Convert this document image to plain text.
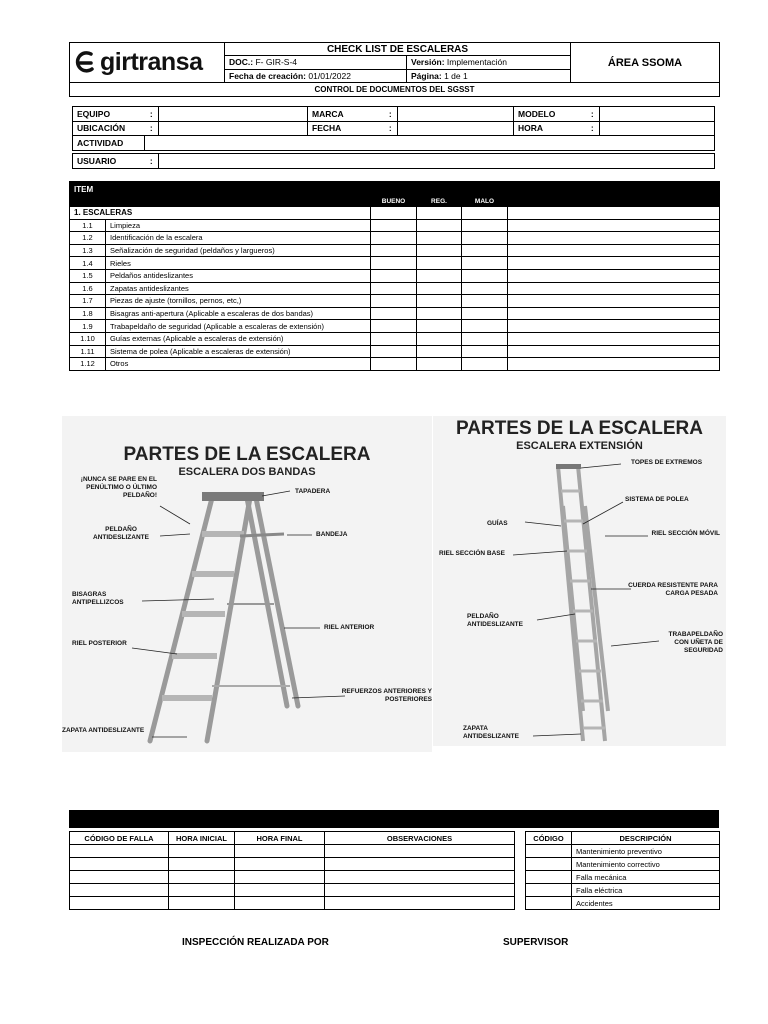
girtransa	CHECK LIST DE ESCALERAS		ÁREA SSOMA
	DOC.: F- GIR-S-4	Versión: Implementación	
	Fecha de creación: 01/01/2022	Página: 1 de 1	
CONTROL DE DOCUMENTOS DEL SGSST			
EQUIPO	:		MARCA	:		MODELO	:	
UBICACIÓN	:		FECHA	:		HORA	:	
ACTIVIDAD								
USUARIO	:	
ITEM					
		BUENO	REG.	MALO	
1. ESCALERAS					
1.1	Limpieza				
1.2	Identificación de la escalera				
1.3	Señalización de seguridad (peldaños y largueros)				
1.4	Rieles				
1.5	Peldaños antideslizantes				
1.6	Zapatas antideslizantes				
1.7	Piezas de ajuste (tornillos, pernos, etc,)				
1.8	Bisagras anti-apertura (Aplicable a escaleras de dos bandas)				
1.9	Trabapeldaño de seguridad (Aplicable a escaleras de extensión)				
1.10	Guías externas (Aplicable a escaleras de extensión)				
1.11	Sistema de polea (Aplicable a escaleras de extensión)				
1.12	Otros				
PARTES DE LA ESCALERA
ESCALERA DOS BANDAS
¡NUNCA SE PARE EN EL PENÚLTIMO O ÚLTIMO PELDAÑO!
TAPADERA
PELDAÑO ANTIDESLIZANTE	BANDEJA
BISAGRAS ANTIPELLIZCOS
RIEL ANTERIOR
RIEL POSTERIOR
REFUERZOS ANTERIORES Y POSTERIORES
ZAPATA ANTIDESLIZANTE
PARTES DE LA ESCALERA
ESCALERA EXTENSIÓN
TOPES DE EXTREMOS
SISTEMA DE POLEA
GUÍAS
RIEL SECCIÓN MÓVIL
RIEL SECCIÓN BASE
CUERDA RESISTENTE PARA CARGA PESADA
PELDAÑO ANTIDESLIZANTE
TRABAPELDAÑO CON UÑETA DE SEGURIDAD
ZAPATA ANTIDESLIZANTE
CÓDIGO DE FALLA	HORA INICIAL	HORA FINAL	OBSERVACIONES

				CÓDIGO	DESCRIPCIÓN
	Mantenimiento preventivo
	Mantenimiento correctivo
	Falla mecánica
	Falla eléctrica
	Accidentes
INSPECCIÓN REALIZADA POR	SUPERVISOR
